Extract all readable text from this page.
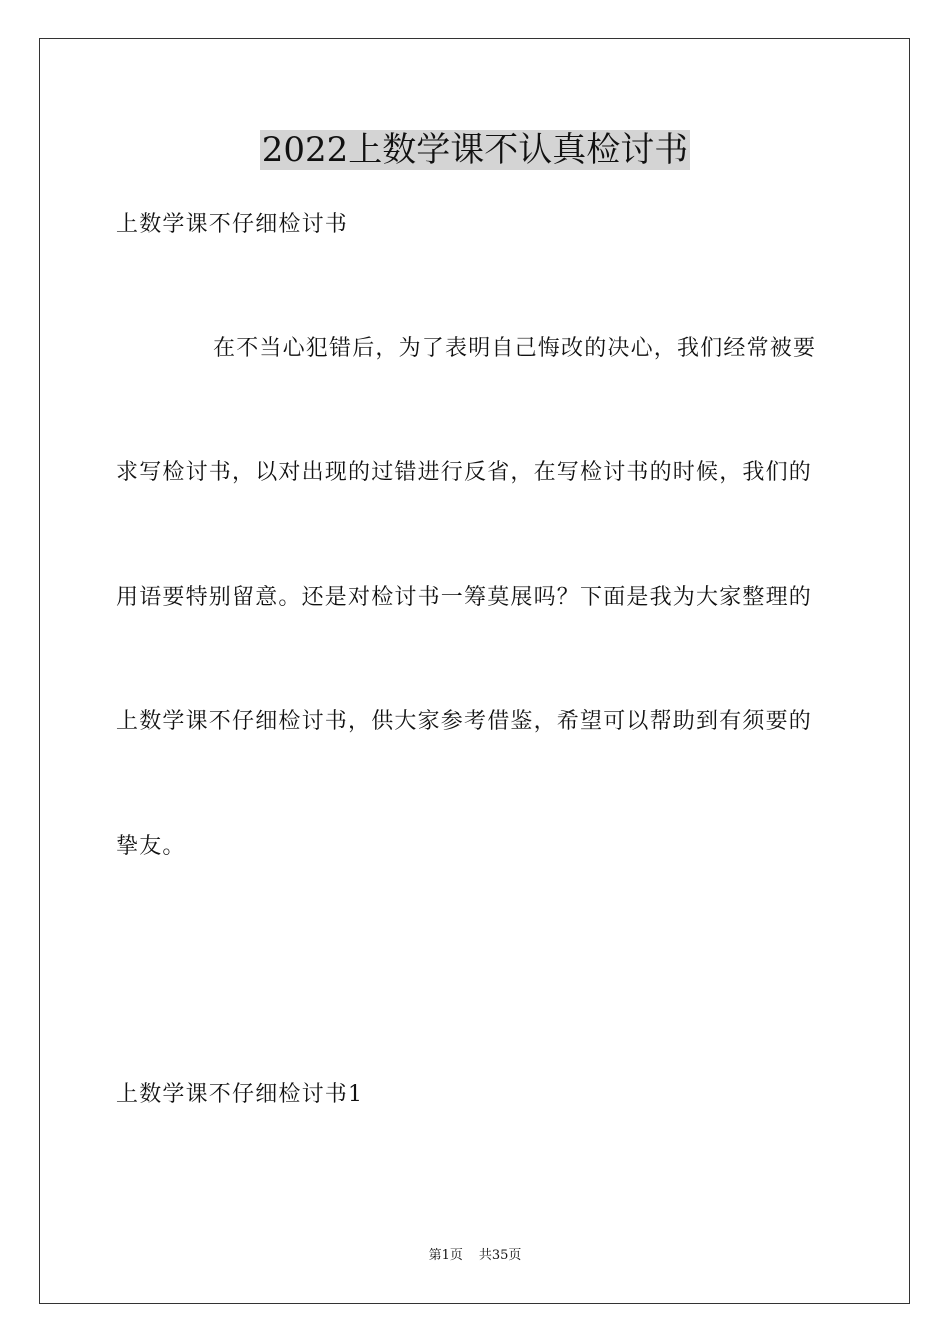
2022上数学课不认真检讨书
上数学课不仔细检讨书
在不当心犯错后，为了表明自己悔改的决心，我们经常被要
求写检讨书，以对出现的过错进行反省，在写检讨书的时候，我们的
用语要特别留意。还是对检讨书一筹莫展吗？下面是我为大家整理的
上数学课不仔细检讨书，供大家参考借鉴，希望可以帮助到有须要的
挚友。
上数学课不仔细检讨书1
第1页 共35页
